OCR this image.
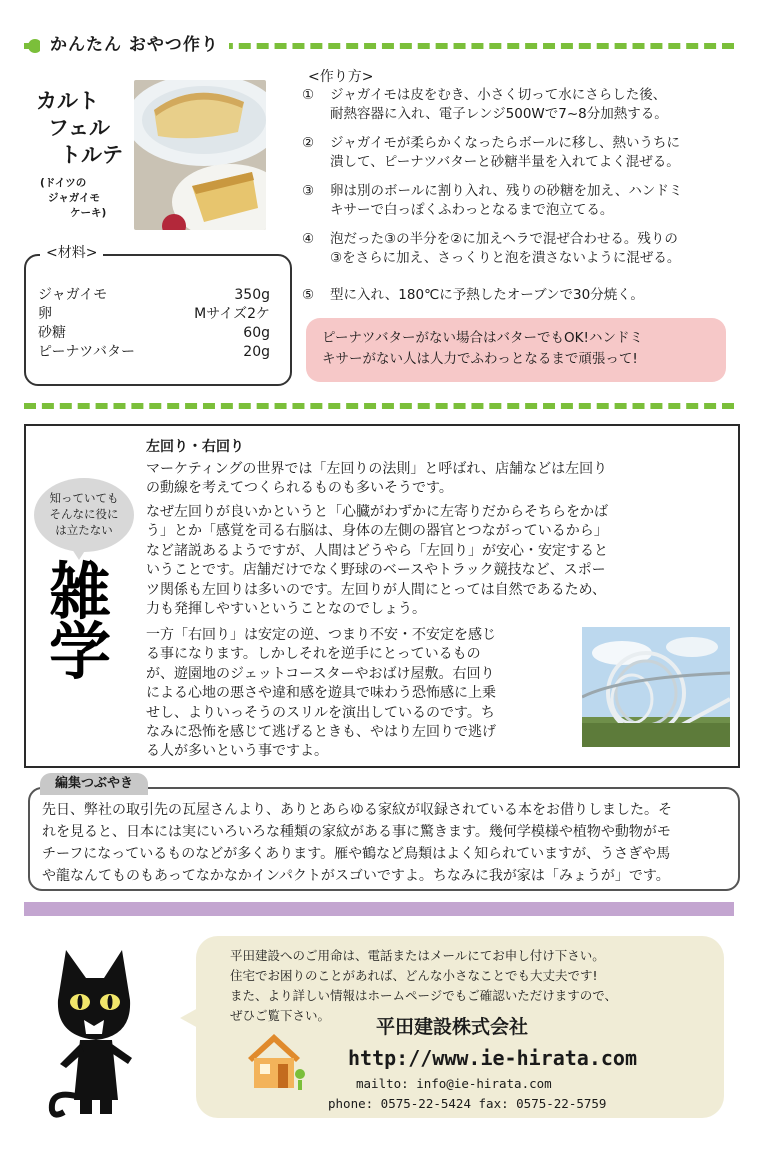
かんたん おやつ作り
カルト
フェル
トルテ
(ドイツの
ジャガイモ
ケーキ)
<材料>
ジャガイモ	350g
卵	Mサイズ2ケ
砂糖	60g
ピーナツバター	20g
<作り方>
①	ジャガイモは皮をむき、小さく切って水にさらした後、
耐熱容器に入れ、電子レンジ500Wで7~8分加熱する。
②	ジャガイモが柔らかくなったらボールに移し、熱いうちに
潰して、ピーナツバターと砂糖半量を入れてよく混ぜる。
③	卵は別のボールに割り入れ、残りの砂糖を加え、ハンドミ
キサーで白っぽくふわっとなるまで泡立てる。
④	泡だった③の半分を②に加えヘラで混ぜ合わせる。残りの
③をさらに加え、さっくりと泡を潰さないように混ぜる。
⑤	型に入れ、180℃に予熱したオーブンで30分焼く。
ピーナツバターがない場合はバターでもOK!ハンドミ
キサーがない人は人力でふわっとなるまで頑張って!
知っていても
そんなに役に
は立たない
雑
学
左回り・右回り
マーケティングの世界では「左回りの法則」と呼ばれ、店舗などは左回り
の動線を考えてつくられるものも多いそうです。
なぜ左回りが良いかというと「心臓がわずかに左寄りだからそちらをかば
う」とか「感覚を司る右脳は、身体の左側の器官とつながっているから」
など諸説あるようですが、人間はどうやら「左回り」が安心・安定すると
いうことです。店舗だけでなく野球のベースやトラック競技など、スポー
ツ関係も左回りは多いのです。左回りが人間にとっては自然であるため、
力も発揮しやすいということなのでしょう。
一方「右回り」は安定の逆、つまり不安・不安定を感じ
る事になります。しかしそれを逆手にとっているもの
が、遊園地のジェットコースターやおばけ屋敷。右回り
による心地の悪さや違和感を遊具で味わう恐怖感に上乗
せし、よりいっそうのスリルを演出しているのです。ち
なみに恐怖を感じて逃げるときも、やはり左回りで逃げ
る人が多いという事ですよ。
先日、弊社の取引先の瓦屋さんより、ありとあらゆる家紋が収録されている本をお借りしました。そ
れを見ると、日本には実にいろいろな種類の家紋がある事に驚きます。幾何学模様や植物や動物がモ
チーフになっているものなどが多くあります。雁や鶴など鳥類はよく知られていますが、うさぎや馬
や龍なんてものもあってなかなかインパクトがスゴいですよ。ちなみに我が家は「みょうが」です。
編集つぶやき
平田建設へのご用命は、電話またはメールにてお申し付け下さい。
住宅でお困りのことがあれば、どんな小さなことでも大丈夫です!
また、より詳しい情報はホームページでもご確認いただけますので、
ぜひご覧下さい。
平田建設株式会社
http://www.ie-hirata.com
mailto: info@ie-hirata.com
phone: 0575-22-5424 fax: 0575-22-5759
